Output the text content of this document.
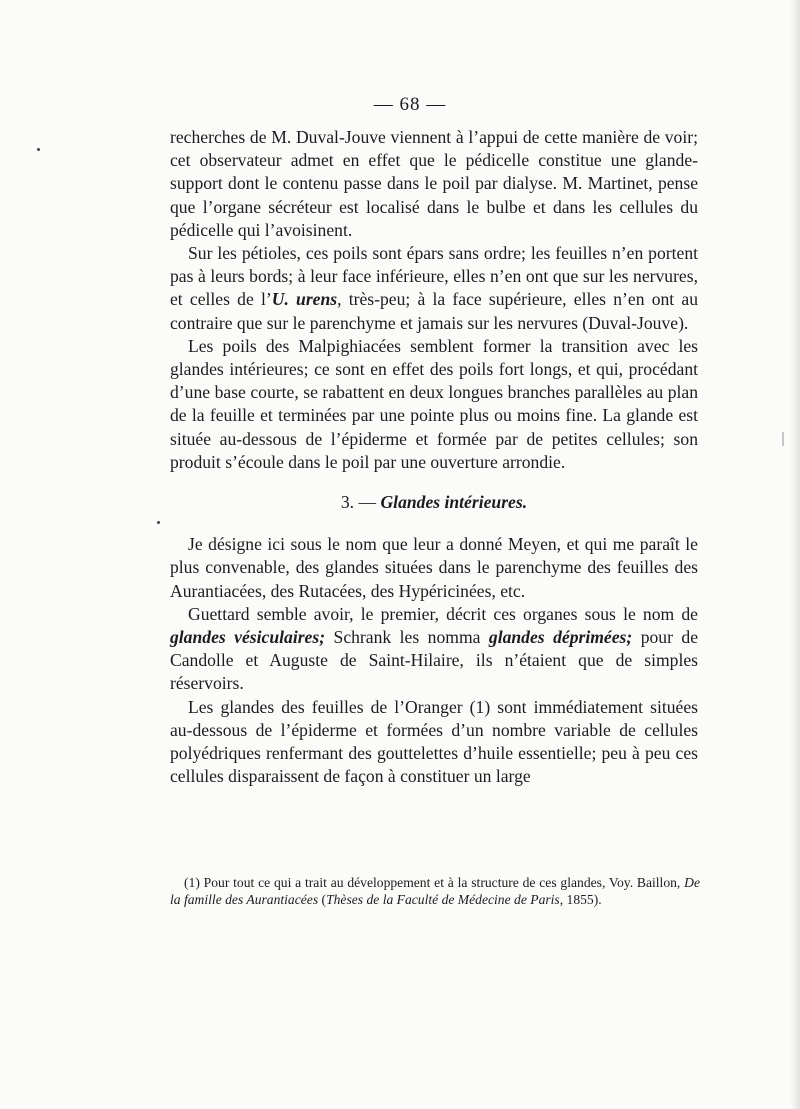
— 68 —

recherches de M. Duval-Jouve viennent à l’appui de cette manière de voir; cet observateur admet en effet que le pédicelle constitue une glande-support dont le contenu passe dans le poil par dialyse. M. Martinet, pense que l’organe sécréteur est localisé dans le bulbe et dans les cellules du pédicelle qui l’avoisinent.

Sur les pétioles, ces poils sont épars sans ordre; les feuilles n’en portent pas à leurs bords; à leur face inférieure, elles n’en ont que sur les nervures, et celles de l’U. urens, très-peu; à la face supérieure, elles n’en ont au contraire que sur le parenchyme et jamais sur les nervures (Duval-Jouve).

Les poils des Malpighiacées semblent former la transition avec les glandes intérieures; ce sont en effet des poils fort longs, et qui, procédant d’une base courte, se rabattent en deux longues branches parallèles au plan de la feuille et terminées par une pointe plus ou moins fine. La glande est située au-dessous de l’épiderme et formée par de petites cellules; son produit s’écoule dans le poil par une ouverture arrondie.

3. — Glandes intérieures.

Je désigne ici sous le nom que leur a donné Meyen, et qui me paraît le plus convenable, des glandes situées dans le parenchyme des feuilles des Aurantiacées, des Rutacées, des Hypéricinées, etc.

Guettard semble avoir, le premier, décrit ces organes sous le nom de glandes vésiculaires; Schrank les nomma glandes déprimées; pour de Candolle et Auguste de Saint-Hilaire, ils n’étaient que de simples réservoirs.

Les glandes des feuilles de l’Oranger (1) sont immédiatement situées au-dessous de l’épiderme et formées d’un nombre variable de cellules polyédriques renfermant des gouttelettes d’huile essentielle; peu à peu ces cellules disparaissent de façon à constituer un large

(1) Pour tout ce qui a trait au développement et à la structure de ces glandes, Voy. Baillon, De la famille des Aurantiacées (Thèses de la Faculté de Médecine de Paris, 1855).
